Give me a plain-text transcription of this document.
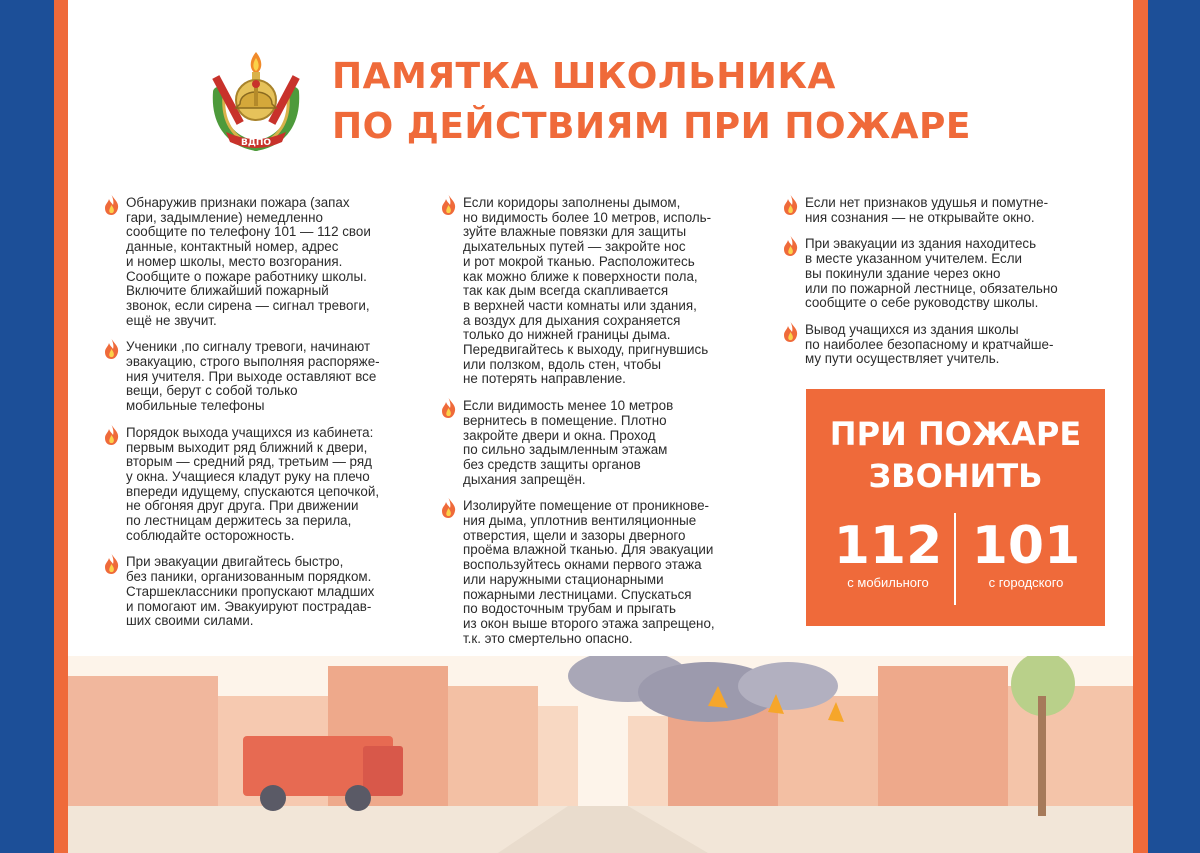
ВДПО
ПАМЯТКА ШКОЛЬНИКА
ПО ДЕЙСТВИЯМ ПРИ ПОЖАРЕ

Обнаружив признаки пожара (запах
гари, задымление) немедленно
сообщите по телефону 101 — 112 свои
данные, контактный номер, адрес
и номер школы, место возгорания.
Сообщите о пожаре работнику школы.
Включите ближайший пожарный
звонок, если сирена — сигнал тревоги,
ещё не звучит.

Ученики ,по сигналу тревоги, начинают
эвакуацию, строго выполняя распоряже-
ния учителя. При выходе оставляют все
вещи, берут с собой только
мобильные телефоны

Порядок выхода учащихся из кабинета:
первым выходит ряд ближний к двери,
вторым — средний ряд, третьим — ряд
у окна. Учащиеся кладут руку на плечо
впереди идущему, спускаются цепочкой,
не обгоняя друг друга. При движении
по лестницам держитесь за перила,
соблюдайте осторожность.

При эвакуации двигайтесь быстро,
без паники, организованным порядком.
Старшеклассники пропускают младших
и помогают им. Эвакуируют пострадав-
ших своими силами.

Если коридоры заполнены дымом,
но видимость более 10 метров, исполь-
зуйте влажные повязки для защиты
дыхательных путей — закройте нос
и рот мокрой тканью. Расположитесь
как можно ближе к поверхности пола,
так как дым всегда скапливается
в верхней части комнаты или здания,
а воздух для дыхания сохраняется
только до нижней границы дыма.
Передвигайтесь к выходу, пригнувшись
или ползком, вдоль стен, чтобы
не потерять направление.

Если видимость менее 10 метров
вернитесь в помещение. Плотно
закройте двери и окна. Проход
по сильно задымленным этажам
без средств защиты органов
дыхания запрещён.

Изолируйте помещение от проникнове-
ния дыма, уплотнив вентиляционные
отверстия, щели и зазоры дверного
проёма влажной тканью. Для эвакуации
воспользуйтесь окнами первого этажа
или наружными стационарными
пожарными лестницами. Спускаться
по водосточным трубам и прыгать
из окон выше второго этажа запрещено,
т.к. это смертельно опасно.

Если нет признаков удушья и помутне-
ния сознания — не открывайте окно.

При эвакуации из здания находитесь
в месте указанном учителем. Если
вы покинули здание через окно
или по пожарной лестнице, обязательно
сообщите о себе руководству школы.

Вывод учащихся из здания школы
по наиболее безопасному и кратчайше-
му пути осуществляет учитель.

ПРИ ПОЖАРЕ
ЗВОНИТЬ
112
с мобильного
101
с городского
